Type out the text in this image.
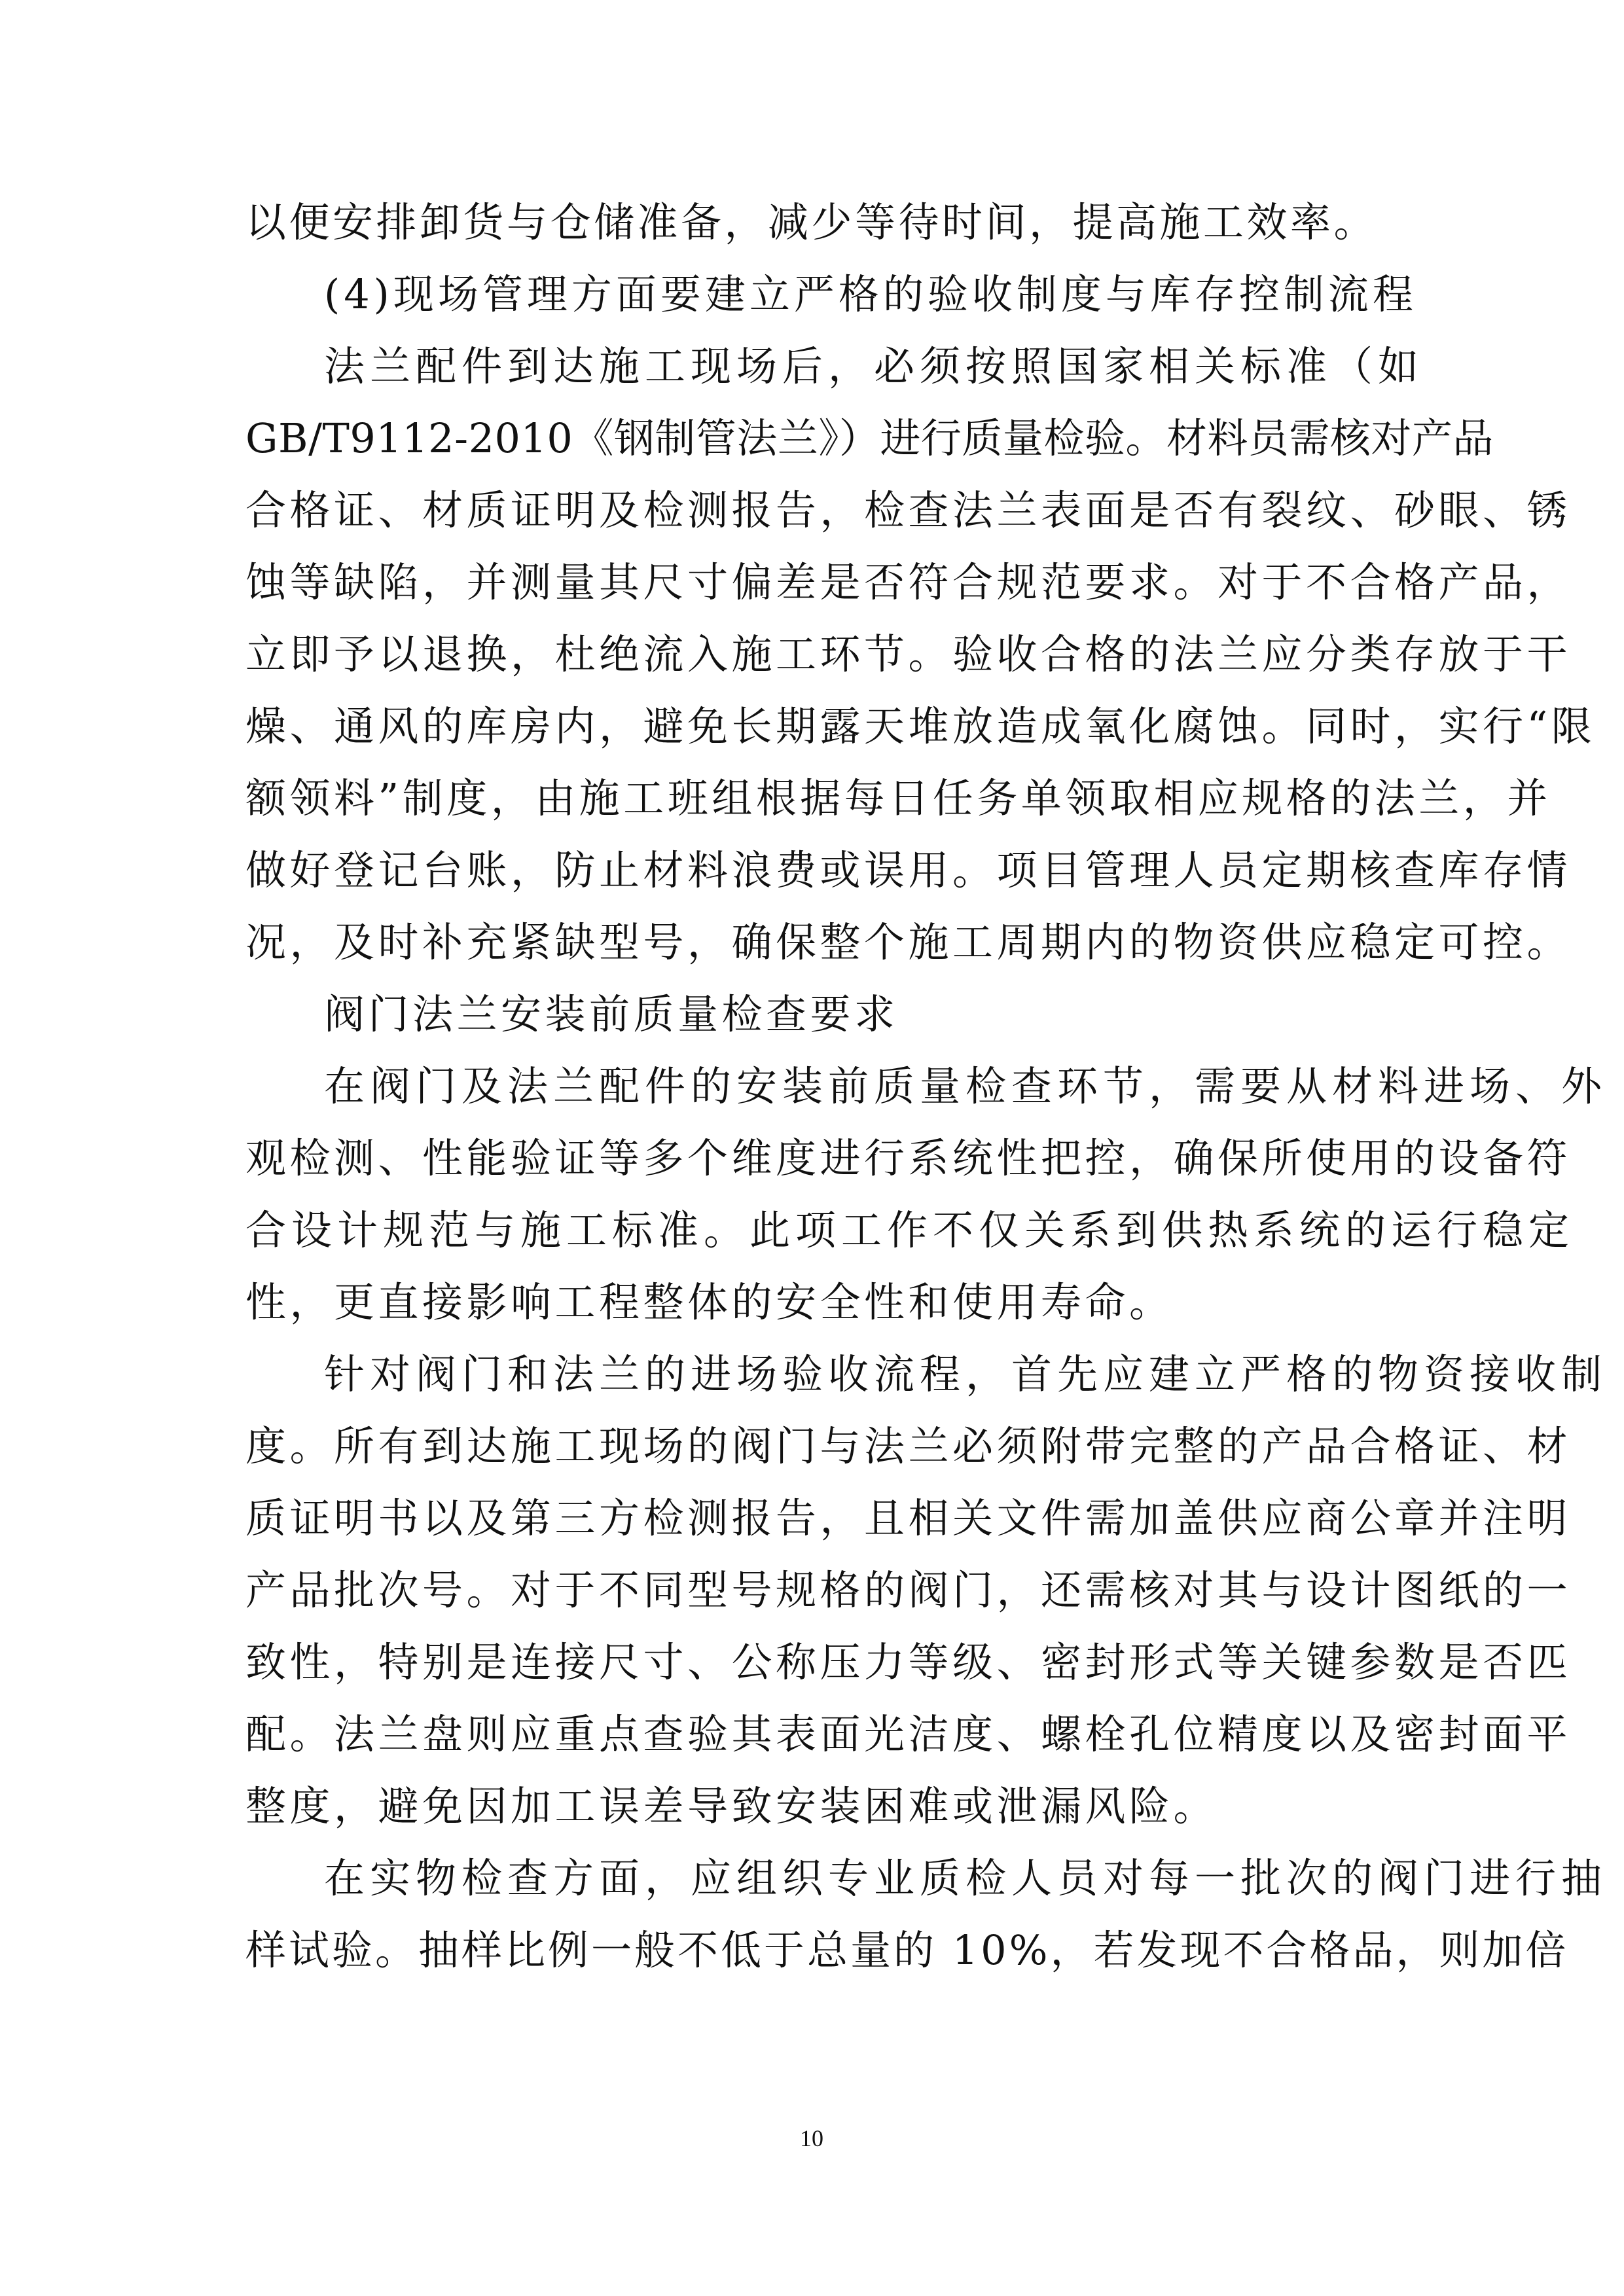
以便安排卸货与仓储准备，减少等待时间，提高施工效率。

(4)现场管理方面要建立严格的验收制度与库存控制流程

法兰配件到达施工现场后，必须按照国家相关标准（如

GB/T9112-2010《钢制管法兰》）进行质量检验。材料员需核对产品

合格证、材质证明及检测报告，检查法兰表面是否有裂纹、砂眼、锈

蚀等缺陷，并测量其尺寸偏差是否符合规范要求。对于不合格产品，

立即予以退换，杜绝流入施工环节。验收合格的法兰应分类存放于干

燥、通风的库房内，避免长期露天堆放造成氧化腐蚀。同时，实行“限

额领料”制度，由施工班组根据每日任务单领取相应规格的法兰，并

做好登记台账，防止材料浪费或误用。项目管理人员定期核查库存情

况，及时补充紧缺型号，确保整个施工周期内的物资供应稳定可控。

阀门法兰安装前质量检查要求

在阀门及法兰配件的安装前质量检查环节，需要从材料进场、外

观检测、性能验证等多个维度进行系统性把控，确保所使用的设备符

合设计规范与施工标准。此项工作不仅关系到供热系统的运行稳定

性，更直接影响工程整体的安全性和使用寿命。

针对阀门和法兰的进场验收流程，首先应建立严格的物资接收制

度。所有到达施工现场的阀门与法兰必须附带完整的产品合格证、材

质证明书以及第三方检测报告，且相关文件需加盖供应商公章并注明

产品批次号。对于不同型号规格的阀门，还需核对其与设计图纸的一

致性，特别是连接尺寸、公称压力等级、密封形式等关键参数是否匹

配。法兰盘则应重点查验其表面光洁度、螺栓孔位精度以及密封面平

整度，避免因加工误差导致安装困难或泄漏风险。

在实物检查方面，应组织专业质检人员对每一批次的阀门进行抽

样试验。抽样比例一般不低于总量的 10%，若发现不合格品，则加倍

10
